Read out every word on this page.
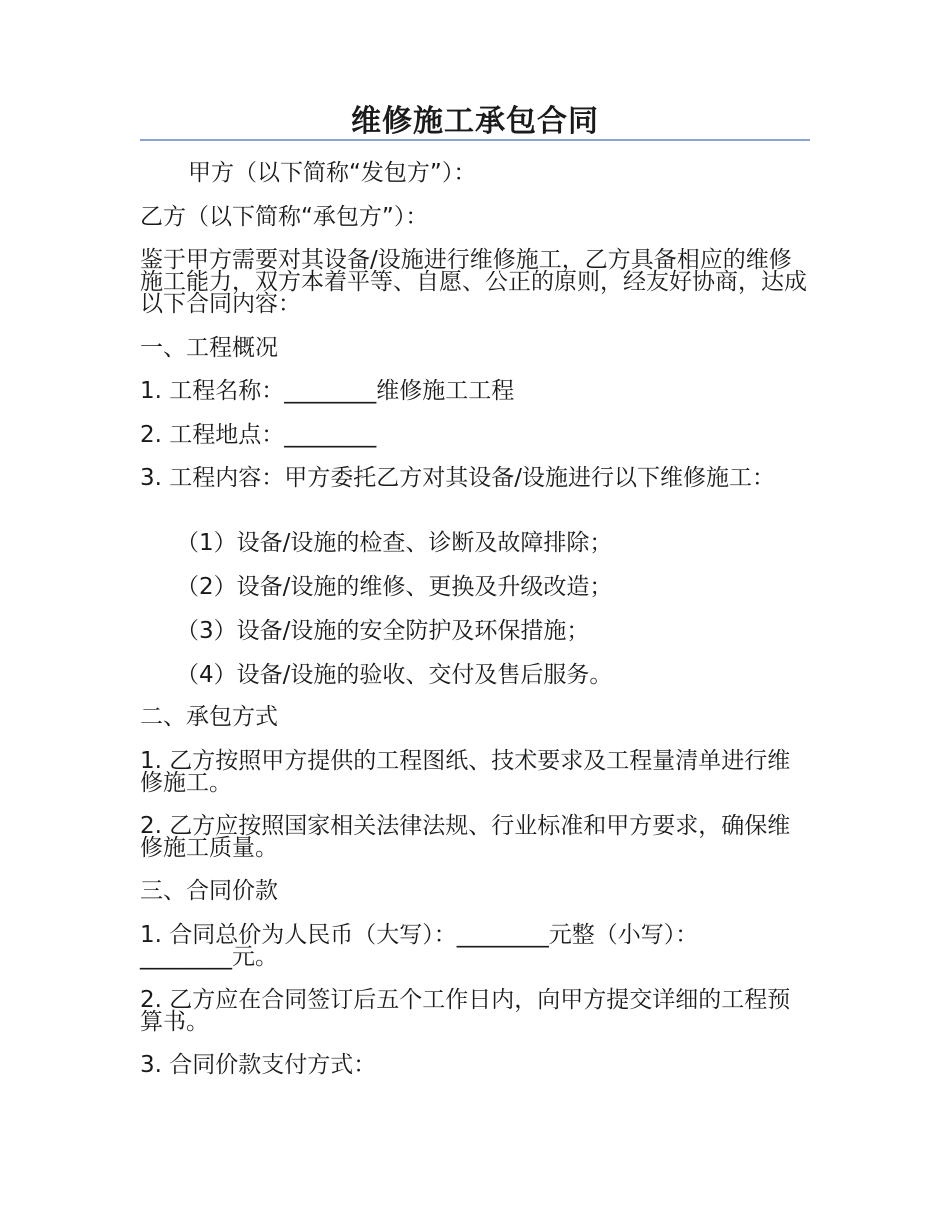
维修施工承包合同

甲方（以下简称“发包方”）：

乙方（以下简称“承包方”）：

鉴于甲方需要对其设备/设施进行维修施工，乙方具备相应的维修施工能力，双方本着平等、自愿、公正的原则，经友好协商，达成以下合同内容：

一、工程概况

1. 工程名称：________维修施工工程

2. 工程地点：________

3. 工程内容：甲方委托乙方对其设备/设施进行以下维修施工：

（1）设备/设施的检查、诊断及故障排除；

（2）设备/设施的维修、更换及升级改造；

（3）设备/设施的安全防护及环保措施；

（4）设备/设施的验收、交付及售后服务。

二、承包方式

1. 乙方按照甲方提供的工程图纸、技术要求及工程量清单进行维修施工。

2. 乙方应按照国家相关法律法规、行业标准和甲方要求，确保维修施工质量。

三、合同价款

1. 合同总价为人民币（大写）：________元整（小写）：________元。

2. 乙方应在合同签订后五个工作日内，向甲方提交详细的工程预算书。

3. 合同价款支付方式：
